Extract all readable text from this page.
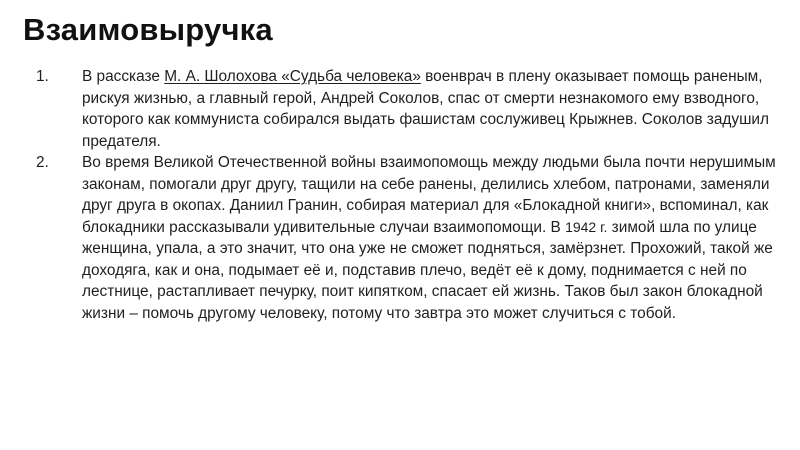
Взаимовыручка
1. В рассказе М. А. Шолохова «Судьба человека» военврач в плену оказывает помощь раненым, рискуя жизнью, а главный герой, Андрей Соколов, спас от смерти незнакомого ему взводного, которого как коммуниста собирался выдать фашистам сослуживец Крыжнев. Соколов задушил предателя.
2. Во время Великой Отечественной войны взаимопомощь между людьми была почти нерушимым законам, помогали друг другу, тащили на себе ранены, делились хлебом, патронами, заменяли друг друга в окопах. Даниил Гранин, собирая материал для «Блокадной книги», вспоминал, как блокадники рассказывали удивительные случаи взаимопомощи. В 1942 г. зимой шла по улице женщина, упала, а это значит, что она уже не сможет подняться, замёрзнет. Прохожий, такой же доходяга, как и она, подымает её и, подставив плечо, ведёт её к дому, поднимается с ней по лестнице, растапливает печурку, поит кипятком, спасает ей жизнь. Таков был закон блокадной жизни – помочь другому человеку, потому что завтра это может случиться с тобой.
